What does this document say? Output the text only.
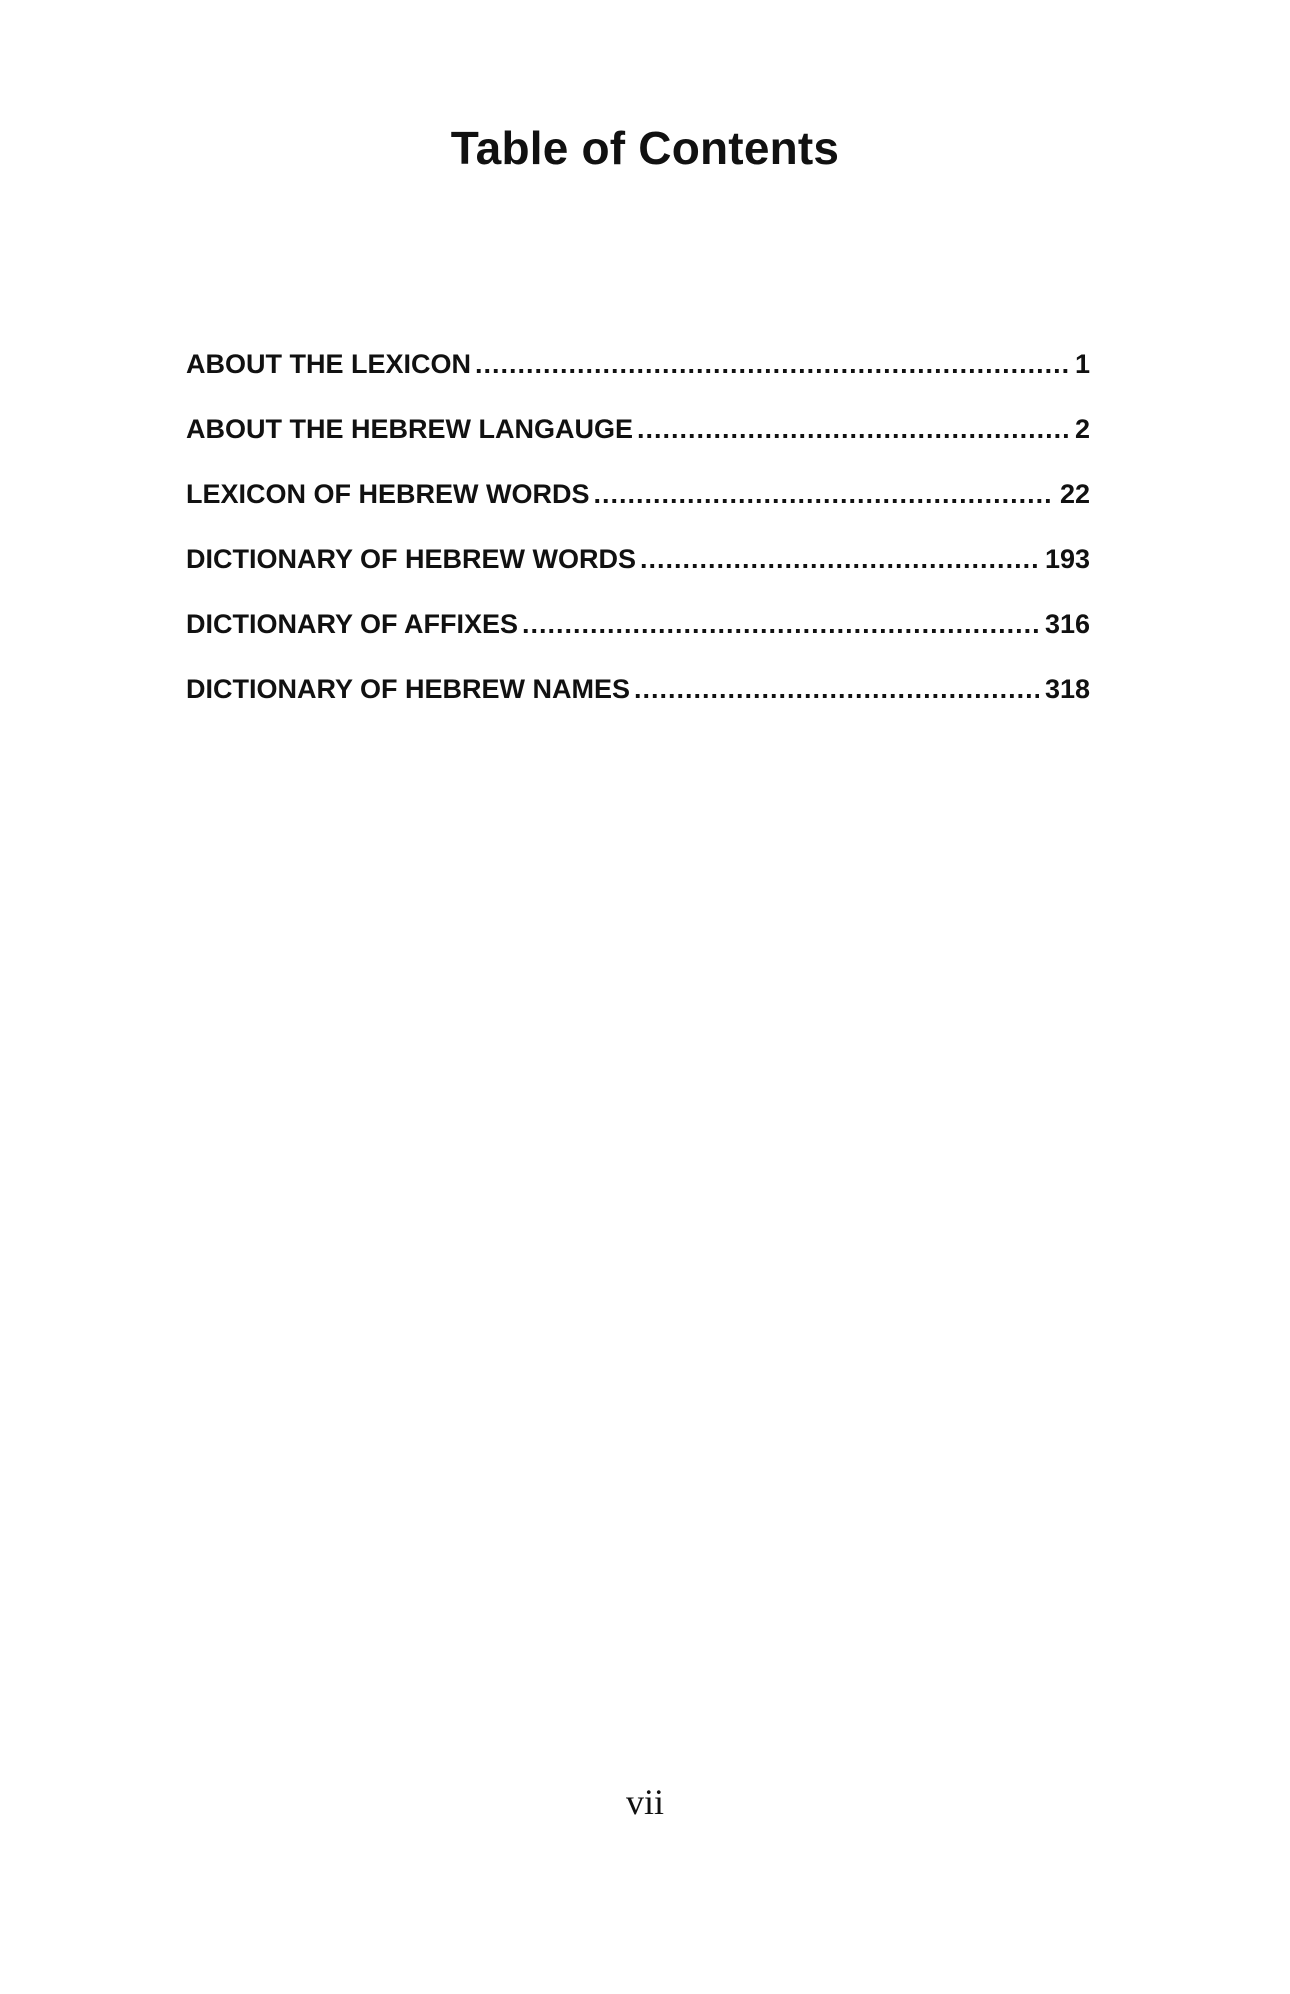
Table of Contents
ABOUT THE LEXICON .....	1
ABOUT THE HEBREW LANGAUGE .....	2
LEXICON OF HEBREW WORDS .....	22
DICTIONARY OF HEBREW WORDS .....	193
DICTIONARY OF AFFIXES .....	316
DICTIONARY OF HEBREW NAMES .....	318

vii
